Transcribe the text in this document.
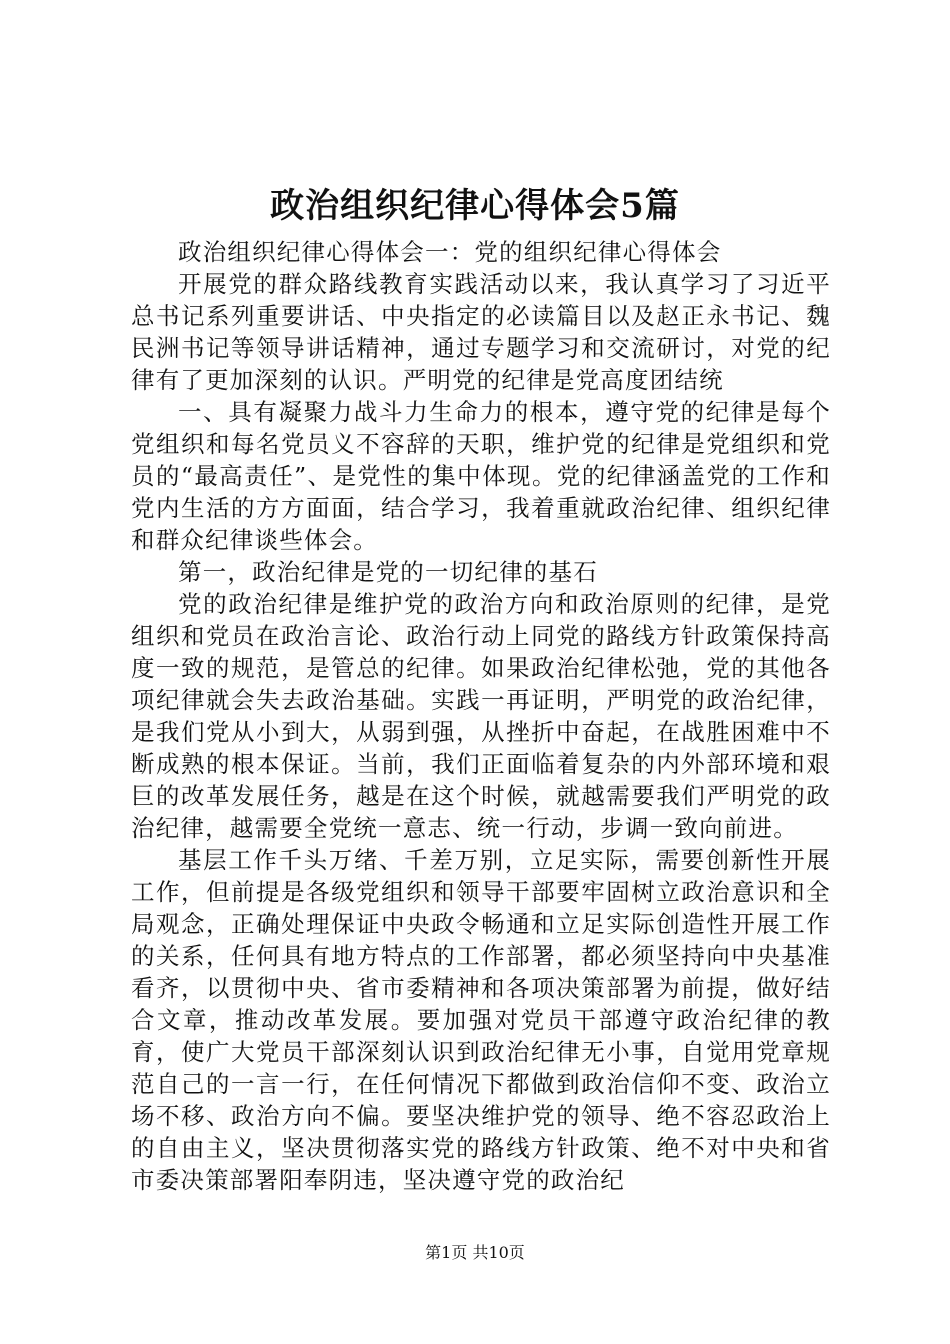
政治组织纪律心得体会5篇

政治组织纪律心得体会一：党的组织纪律心得体会

开展党的群众路线教育实践活动以来，我认真学习了习近平总书记系列重要讲话、中央指定的必读篇目以及赵正永书记、魏民洲书记等领导讲话精神，通过专题学习和交流研讨，对党的纪律有了更加深刻的认识。严明党的纪律是党高度团结统

一、具有凝聚力战斗力生命力的根本，遵守党的纪律是每个党组织和每名党员义不容辞的天职，维护党的纪律是党组织和党员的“最高责任”、是党性的集中体现。党的纪律涵盖党的工作和党内生活的方方面面，结合学习，我着重就政治纪律、组织纪律和群众纪律谈些体会。

第一，政治纪律是党的一切纪律的基石

党的政治纪律是维护党的政治方向和政治原则的纪律，是党组织和党员在政治言论、政治行动上同党的路线方针政策保持高度一致的规范，是管总的纪律。如果政治纪律松弛，党的其他各项纪律就会失去政治基础。实践一再证明，严明党的政治纪律，是我们党从小到大，从弱到强，从挫折中奋起，在战胜困难中不断成熟的根本保证。当前，我们正面临着复杂的内外部环境和艰巨的改革发展任务，越是在这个时候，就越需要我们严明党的政治纪律，越需要全党统一意志、统一行动，步调一致向前进。

基层工作千头万绪、千差万别，立足实际，需要创新性开展工作，但前提是各级党组织和领导干部要牢固树立政治意识和全局观念，正确处理保证中央政令畅通和立足实际创造性开展工作的关系，任何具有地方特点的工作部署，都必须坚持向中央基准看齐，以贯彻中央、省市委精神和各项决策部署为前提，做好结合文章，推动改革发展。要加强对党员干部遵守政治纪律的教育，使广大党员干部深刻认识到政治纪律无小事，自觉用党章规范自己的一言一行，在任何情况下都做到政治信仰不变、政治立场不移、政治方向不偏。要坚决维护党的领导、绝不容忍政治上的自由主义，坚决贯彻落实党的路线方针政策、绝不对中央和省市委决策部署阳奉阴违，坚决遵守党的政治纪

第1页 共10页
